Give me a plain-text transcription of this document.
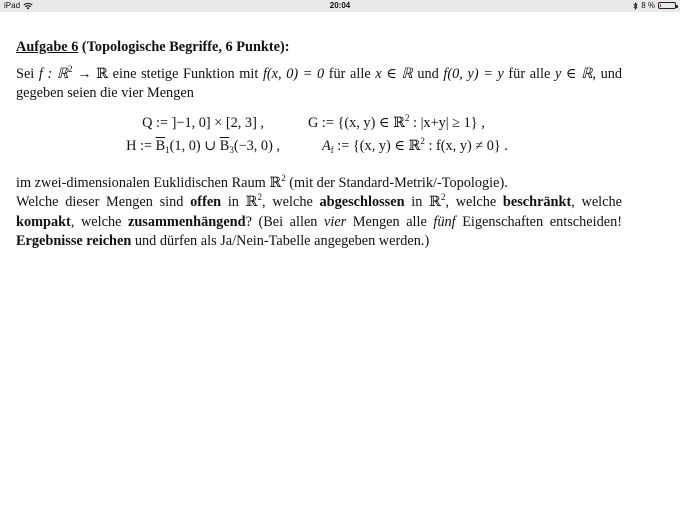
iPad	20:04	8 %

Aufgabe 6 (Topologische Begriffe, 6 Punkte):

Sei f : ℝ$^2$ → ℝ eine stetige Funktion mit f(x, 0) = 0 für alle x ∈ ℝ und f(0, y) = y für alle y ∈ ℝ, und gegeben seien die vier Mengen

Q := ]−1, 0] × [2, 3] ,
H := $\overline{B}_1(1$, 0) ∪ $\overline{B}_3(-3$, 0) ,
G := {(x, y) ∈ ℝ$^2$ : |x+y| ≥ 1} ,
$A_f$ := {(x, y) ∈ ℝ$^2$ : f(x, y) ≠ 0} .

im zwei-dimensionalen Euklidischen Raum ℝ$^2$ (mit der Standard-Metrik/-Topologie).

Welche dieser Mengen sind offen in ℝ$^2$, welche abgeschlossen in ℝ$^2$, welche beschränkt, welche kompakt, welche zusammenhängend? (Bei allen vier Mengen alle fünf Eigenschaften entscheiden! Ergebnisse reichen und dürfen als Ja/Nein-Tabelle angegeben werden.)
